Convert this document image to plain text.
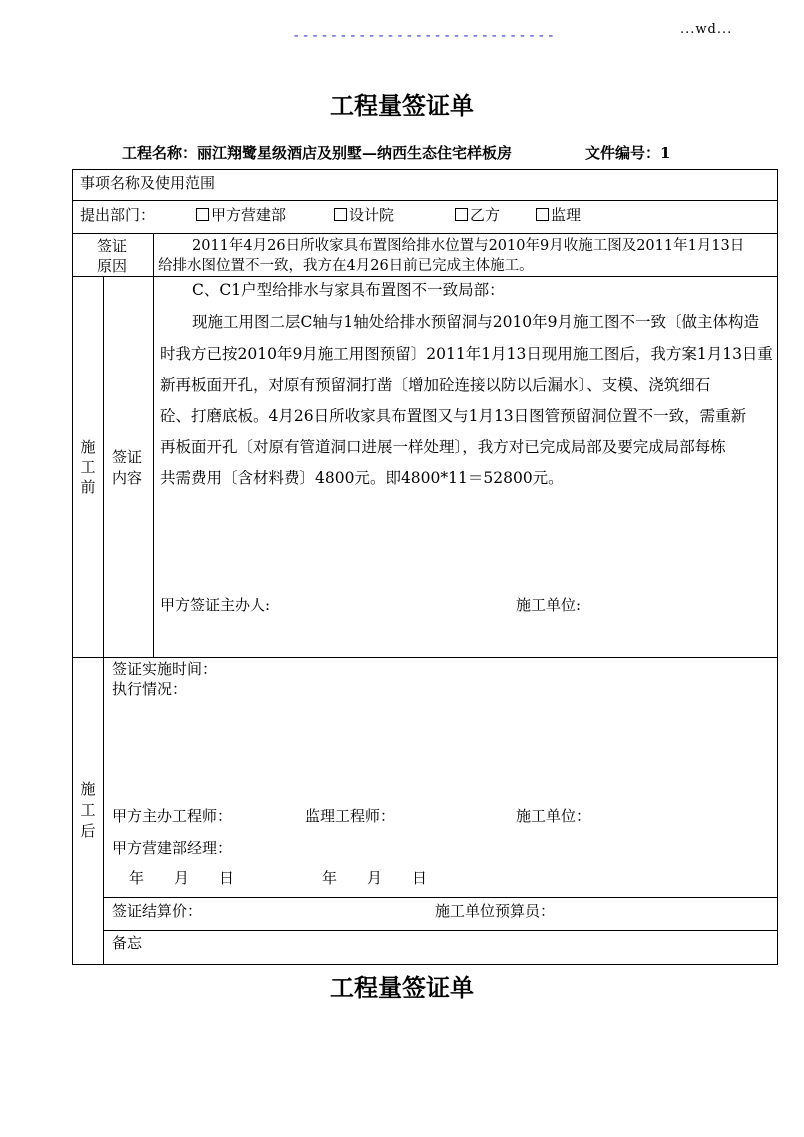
----------------------------	...wd...
工程量签证单
工程名称：丽江翔鹭星级酒店及别墅—纳西生态住宅样板房	文件编号：1
事项名称及使用范围
提出部门：	甲方营建部	设计院	乙方	监理
签证
原因
2011年4月26日所收家具布置图给排水位置与2010年9月收施工图及2011年1月13日
给排水图位置不一致，我方在4月26日前已完成主体施工。
施
工
前
签证
内容
C、C1户型给排水与家具布置图不一致局部：
现施工用图二层C轴与1轴处给排水预留洞与2010年9月施工图不一致〔做主体构造
时我方已按2010年9月施工用图预留〕2011年1月13日现用施工图后，我方案1月13日重
新再板面开孔，对原有预留洞打凿〔增加砼连接以防以后漏水〕、支模、浇筑细石
砼、打磨底板。4月26日所收家具布置图又与1月13日图管预留洞位置不一致，需重新
再板面开孔〔对原有管道洞口进展一样处理〕，我方对已完成局部及要完成局部每栋
共需费用〔含材料费〕4800元。即4800*11＝52800元。
甲方签证主办人:	施工单位:
施
工
后
签证实施时间：
执行情况：
甲方主办工程师：	监理工程师：	施工单位：
甲方营建部经理：
年　　月　　日	年　　月　　日
签证结算价：	施工单位预算员：
备忘
工程量签证单
